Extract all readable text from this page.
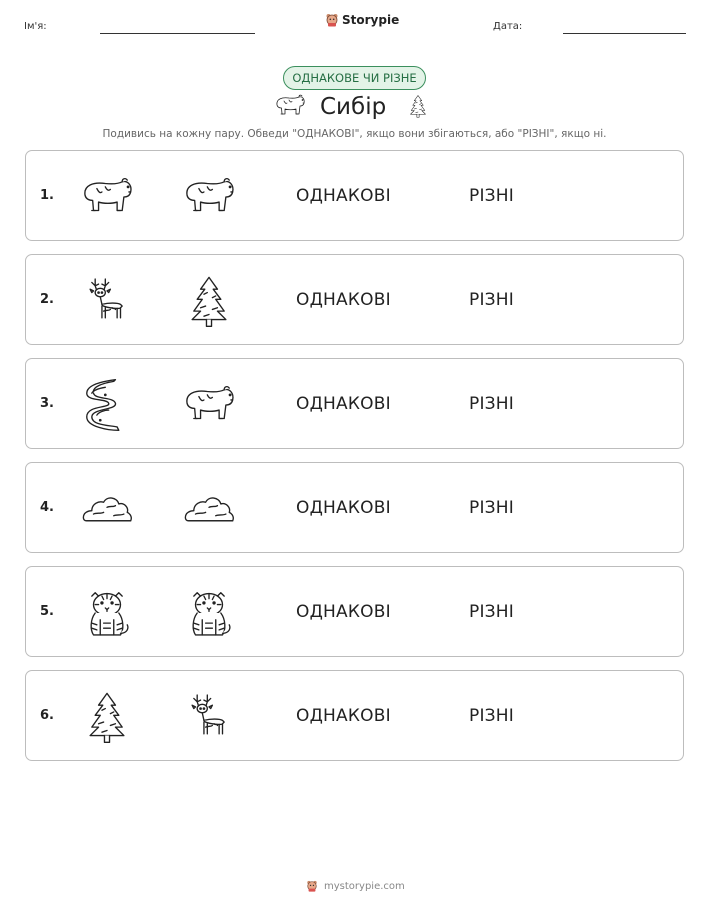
Ім'я:	Storypie	Дата:
ОДНАКОВЕ ЧИ РІЗНЕ
Сибір
Подивись на кожну пару. Обведи "ОДНАКОВІ", якщо вони збігаються, або "РІЗНІ", якщо ні.
1.	ОДНАКОВІ	РІЗНІ
2.	ОДНАКОВІ	РІЗНІ
3.	ОДНАКОВІ	РІЗНІ
4.	ОДНАКОВІ	РІЗНІ
5.	ОДНАКОВІ	РІЗНІ
6.	ОДНАКОВІ	РІЗНІ
mystorypie.com
